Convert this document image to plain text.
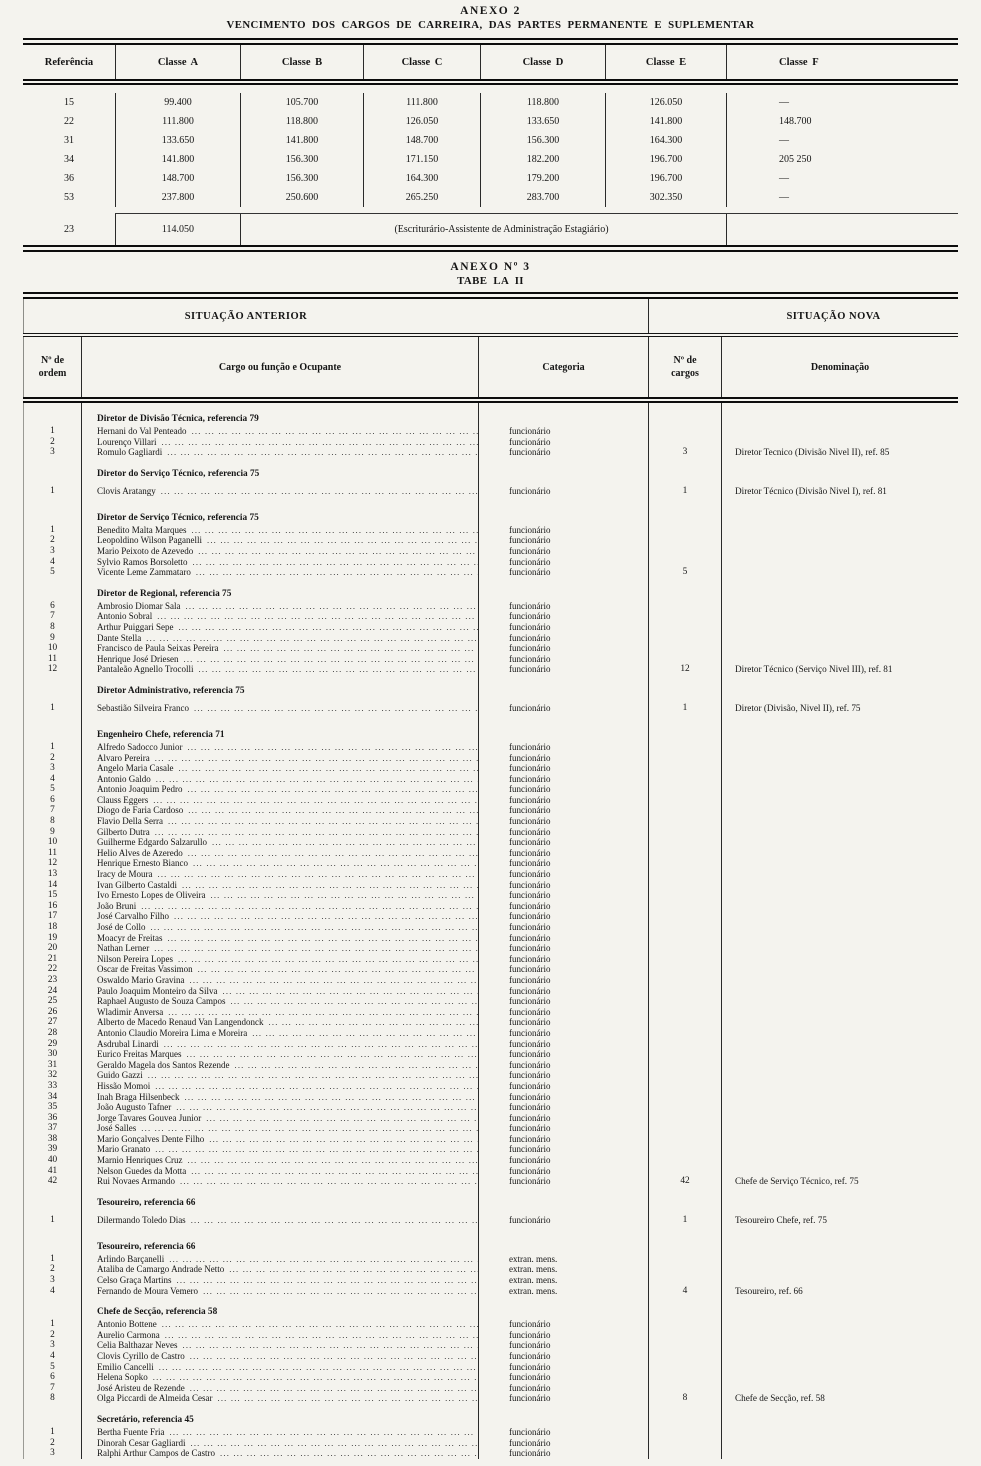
ANEXO 2
VENCIMENTO DOS CARGOS DE CARREIRA, DAS PARTES PERMANENTE E SUPLEMENTAR
Referência	Classe A	Classe B	Classe C	Classe D	Classe E	Classe F
15	99.400	105.700	111.800	118.800	126.050	—
22	111.800	118.800	126.050	133.650	141.800	148.700
31	133.650	141.800	148.700	156.300	164.300	—
34	141.800	156.300	171.150	182.200	196.700	205 250
36	148.700	156.300	164.300	179.200	196.700	—
53	237.800	250.600	265.250	283.700	302.350	—
23	114.050	(Escriturário-Assistente de Administração Estagiário)
ANEXO Nº 3
TABE LA II
SITUAÇÃO ANTERIOR	SITUAÇÃO NOVA
Nº de
ordem
Cargo ou função e Ocupante	Categoria
Nº de
cargos
Denominação
Diretor de Divisão Técnica, referencia 79
1	Hernani do Val Penteado ... .	funcionário
2	Lourenço Villari ... .	funcionário
3	Romulo Gagliardi ... .	funcionário	3	Diretor Tecnico (Divisão Nivel II), ref. 85
Diretor do Serviço Técnico, referencia 75
1	Clovis Aratangy ... .	funcionário	1	Diretor Técnico (Divisão Nivel I), ref. 81
Diretor de Serviço Técnico, referencia 75
1	Benedito Malta Marques ... .	funcionário
2	Leopoldino Wilson Paganelli ... .	funcionário
3	Mario Peixoto de Azevedo ... .	funcionário
4	Sylvio Ramos Borsoletto ... .	funcionário
5	Vicente Leme Zammataro ... .	funcionário	5
Diretor de Regional, referencia 75
6	Ambrosio Diomar Sala ... .	funcionário
7	Antonio Sobral ... .	funcionário
8	Arthur Puiggari Sepe ... .	funcionário
9	Dante Stella ... .	funcionário
10	Francisco de Paula Seixas Pereira ... .	funcionário
11	Henrique José Driesen ... .	funcionário
12	Pantaleão Agnello Trocolli ... .	funcionário	12	Diretor Técnico (Serviço Nivel III), ref. 81
Diretor Administrativo, referencia 75
1	Sebastião Silveira Franco ... .	funcionário	1	Diretor (Divisão, Nivel II), ref. 75
Engenheiro Chefe, referencia 71
1	Alfredo Sadocco Junior ... .	funcionário
2	Alvaro Pereira ... .	funcionário
3	Angelo Maria Casale ... .	funcionário
4	Antonio Galdo ... .	funcionário
5	Antonio Joaquim Pedro ... .	funcionário
6	Clauss Eggers ... .	funcionário
7	Diogo de Faria Cardoso ... .	funcionário
8	Flavio Della Serra ... .	funcionário
9	Gilberto Dutra ... .	funcionário
10	Guilherme Edgardo Salzarullo ... .	funcionário
11	Helio Alves de Azeredo ... .	funcionário
12	Henrique Ernesto Bianco ... .	funcionário
13	Iracy de Moura ... .	funcionário
14	Ivan Gilberto Castaldi ... .	funcionário
15	Ivo Ernesto Lopes de Oliveira ... .	funcionário
16	João Bruni ... .	funcionário
17	José Carvalho Filho ... .	funcionário
18	José de Collo ... .	funcionário
19	Moacyr de Freitas ... .	funcionário
20	Nathan Lerner ... .	funcionário
21	Nilson Pereira Lopes ... .	funcionário
22	Oscar de Freitas Vassimon ... .	funcionário
23	Oswaldo Mario Gravina ... .	funcionário
24	Paulo Joaquim Monteiro da Silva ... .	funcionário
25	Raphael Augusto de Souza Campos ... .	funcionário
26	Wladimir Anversa ... .	funcionário
27	Alberto de Macedo Renaud Van Langendonck ... .	funcionário
28	Antonio Claudio Moreira Lima e Moreira ... .	funcionário
29	Asdrubal Linardi ... .	funcionário
30	Eurico Freitas Marques ... .	funcionário
31	Geraldo Magela dos Santos Rezende ... .	funcionário
32	Guido Gazzi ... .	funcionário
33	Hissão Momoi ... .	funcionário
34	Inah Braga Hilsenbeck ... .	funcionário
35	João Augusto Tafner ... .	funcionário
36	Jorge Tavares Gouvea Junior ... .	funcionário
37	José Salles ... .	funcionário
38	Mario Gonçalves Dente Filho ... .	funcionário
39	Mario Granato ... .	funcionário
40	Marnio Henriques Cruz ... .	funcionário
41	Nelson Guedes da Motta ... .	funcionário
42	Rui Novaes Armando ... .	funcionário	42	Chefe de Serviço Técnico, ref. 75
Tesoureiro, referencia 66
1	Dilermando Toledo Dias ... .	funcionário	1	Tesoureiro Chefe, ref. 75
Tesoureiro, referencia 66
1	Arlindo Barçanelli ... .	extran. mens.
2	Ataliba de Camargo Andrade Netto ... .	extran. mens.
3	Celso Graça Martins ... .	extran. mens.
4	Fernando de Moura Vemero ... .	extran. mens.	4	Tesoureiro, ref. 66
Chefe de Secção, referencia 58
1	Antonio Bottene ... .	funcionário
2	Aurelio Carmona ... .	funcionário
3	Celia Balthazar Neves ... .	funcionário
4	Clovis Cyrillo de Castro ... .	funcionário
5	Emilio Cancelli ... .	funcionário
6	Helena Sopko ... .	funcionário
7	José Aristeu de Rezende ... .	funcionário
8	Olga Piccardi de Almeida Cesar ... .	funcionário	8	Chefe de Secção, ref. 58
Secretário, referencia 45
1	Bertha Fuente Fria ... .	funcionário
2	Dinorah Cesar Gagliardi ... .	funcionário
3	Ralphi Arthur Campos de Castro ... .	funcionário
